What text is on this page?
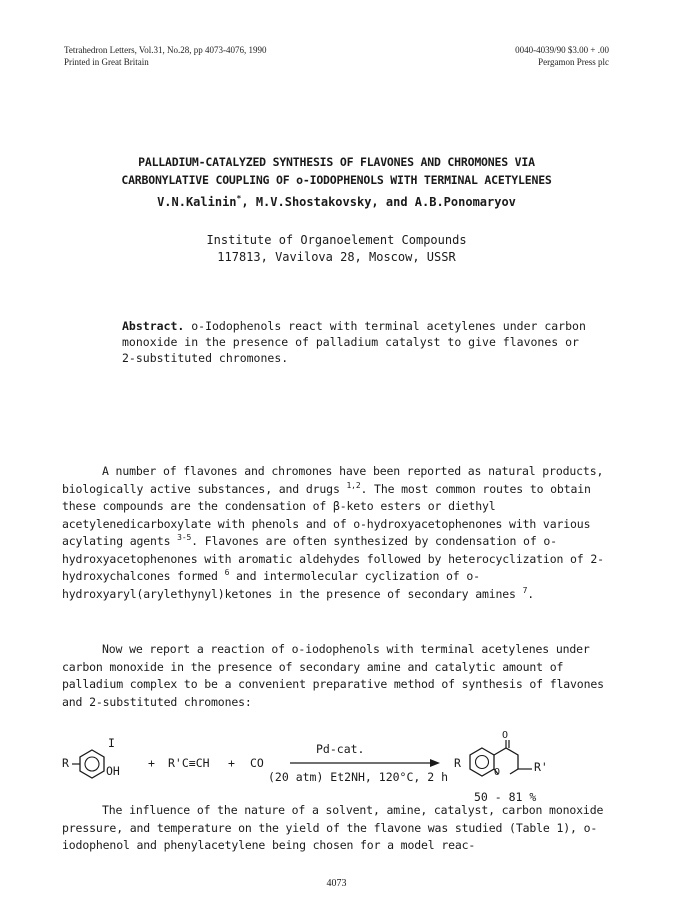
Tetrahedron Letters, Vol.31, No.28, pp 4073-4076, 1990
Printed in Great Britain
0040-4039/90 $3.00 + .00
Pergamon Press plc
PALLADIUM-CATALYZED SYNTHESIS OF FLAVONES AND CHROMONES VIA
CARBONYLATIVE COUPLING OF o-IODOPHENOLS WITH TERMINAL ACETYLENES
V.N.Kalinin*, M.V.Shostakovsky, and A.B.Ponomaryov
Institute of Organoelement Compounds
117813, Vavilova 28, Moscow, USSR
Abstract. o-Iodophenols react with terminal acetylenes under carbon monoxide in the presence of palladium catalyst to give flavones or 2-substituted chromones.
A number of flavones and chromones have been reported as natural products, biologically active substances, and drugs $^{1,2}$. The most common routes to obtain these compounds are the condensation of β-keto esters or diethyl acetylenedicarboxylate with phenols and of o-hydroxyacetophenones with various acylating agents $^{3-5}$. Flavones are often synthesized by condensation of o-hydroxyacetophenones with aromatic aldehydes followed by heterocyclization of 2-hydroxychalcones formed $^6$ and intermolecular cyclization of o-hydroxyaryl(arylethynyl)ketones in the presence of secondary amines $^7$.
Now we report a reaction of o-iodophenols with terminal acetylenes under carbon monoxide in the presence of secondary amine and catalytic amount of palladium complex to be a convenient preparative method of synthesis of flavones and 2-substituted chromones:
R
I
OH
+ R'C≡CH + CO
Pd-cat.
(20 atm) Et2NH, 120°C, 2 h
R
O
O	R'
50 - 81 %
The influence of the nature of a solvent, amine, catalyst, carbon monoxide pressure, and temperature on the yield of the flavone was studied (Table 1), o-iodophenol and phenylacetylene being chosen for a model reac-
4073
